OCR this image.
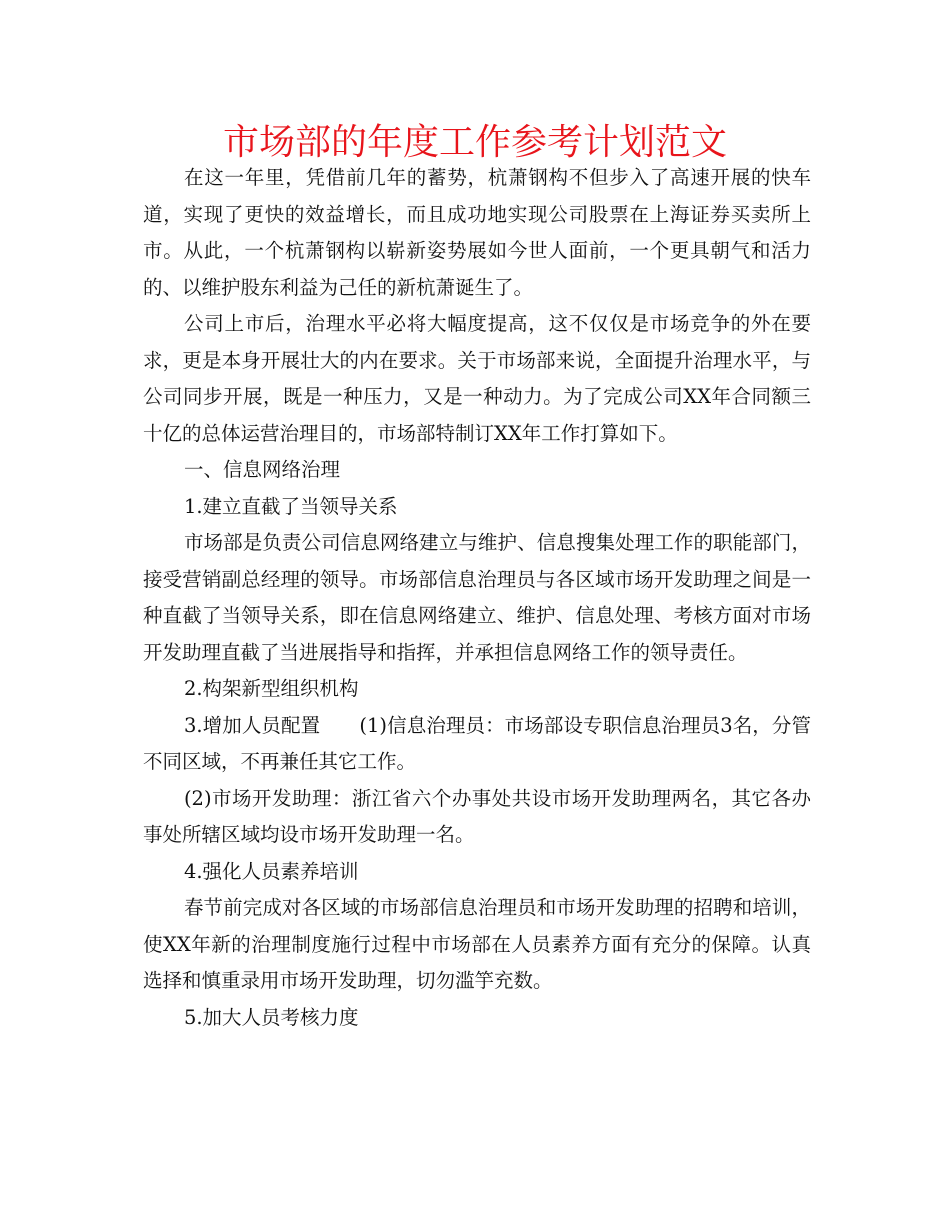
市场部的年度工作参考计划范文

在这一年里，凭借前几年的蓄势，杭萧钢构不但步入了高速开展的快车道，实现了更快的效益增长，而且成功地实现公司股票在上海证券买卖所上市。从此，一个杭萧钢构以崭新姿势展如今世人面前，一个更具朝气和活力的、以维护股东利益为己任的新杭萧诞生了。

公司上市后，治理水平必将大幅度提高，这不仅仅是市场竞争的外在要求，更是本身开展壮大的内在要求。关于市场部来说，全面提升治理水平，与公司同步开展，既是一种压力，又是一种动力。为了完成公司XX年合同额三十亿的总体运营治理目的，市场部特制订XX年工作打算如下。

一、信息网络治理

1.建立直截了当领导关系

市场部是负责公司信息网络建立与维护、信息搜集处理工作的职能部门，接受营销副总经理的领导。市场部信息治理员与各区域市场开发助理之间是一种直截了当领导关系，即在信息网络建立、维护、信息处理、考核方面对市场开发助理直截了当进展指导和指挥，并承担信息网络工作的领导责任。

2.构架新型组织机构

3.增加人员配置　　(1)信息治理员：市场部设专职信息治理员3名，分管不同区域，不再兼任其它工作。

(2)市场开发助理：浙江省六个办事处共设市场开发助理两名，其它各办事处所辖区域均设市场开发助理一名。

4.强化人员素养培训

春节前完成对各区域的市场部信息治理员和市场开发助理的招聘和培训，使XX年新的治理制度施行过程中市场部在人员素养方面有充分的保障。认真选择和慎重录用市场开发助理，切勿滥竽充数。

5.加大人员考核力度
